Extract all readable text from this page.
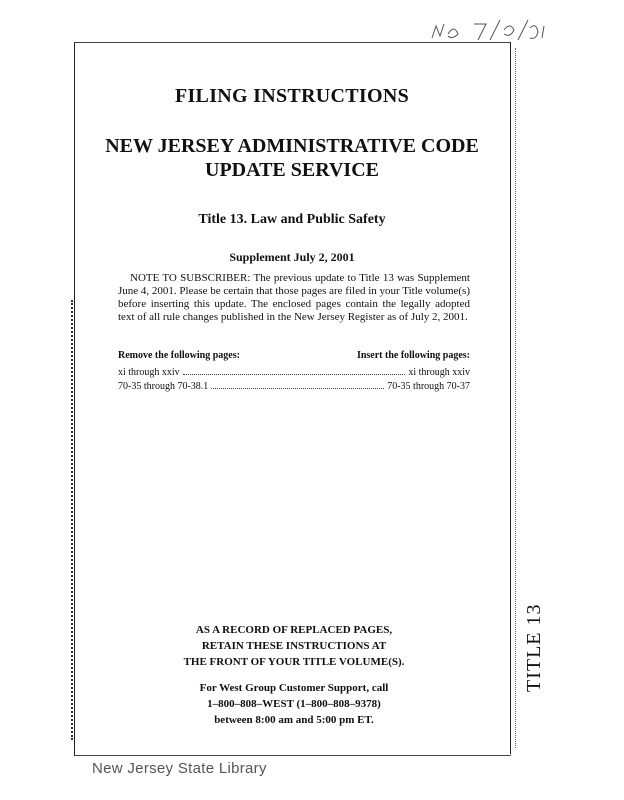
TITLE 13
FILING INSTRUCTIONS
NEW JERSEY ADMINISTRATIVE CODE
UPDATE SERVICE
Title 13. Law and Public Safety
Supplement July 2, 2001
NOTE TO SUBSCRIBER: The previous update to Title 13 was Supplement June 4, 2001. Please be certain that those pages are filed in your Title volume(s) before inserting this update. The enclosed pages contain the legally adopted text of all rule changes published in the New Jersey Register as of July 2, 2001.
Remove the following pages:	Insert the following pages:
xi through xxiv	xi through xxiv
70-35 through 70-38.1	70-35 through 70-37
AS A RECORD OF REPLACED PAGES,
RETAIN THESE INSTRUCTIONS AT
THE FRONT OF YOUR TITLE VOLUME(S).
For West Group Customer Support, call
1–800–808–WEST (1–800–808–9378)
between 8:00 am and 5:00 pm ET.
New Jersey State Library
